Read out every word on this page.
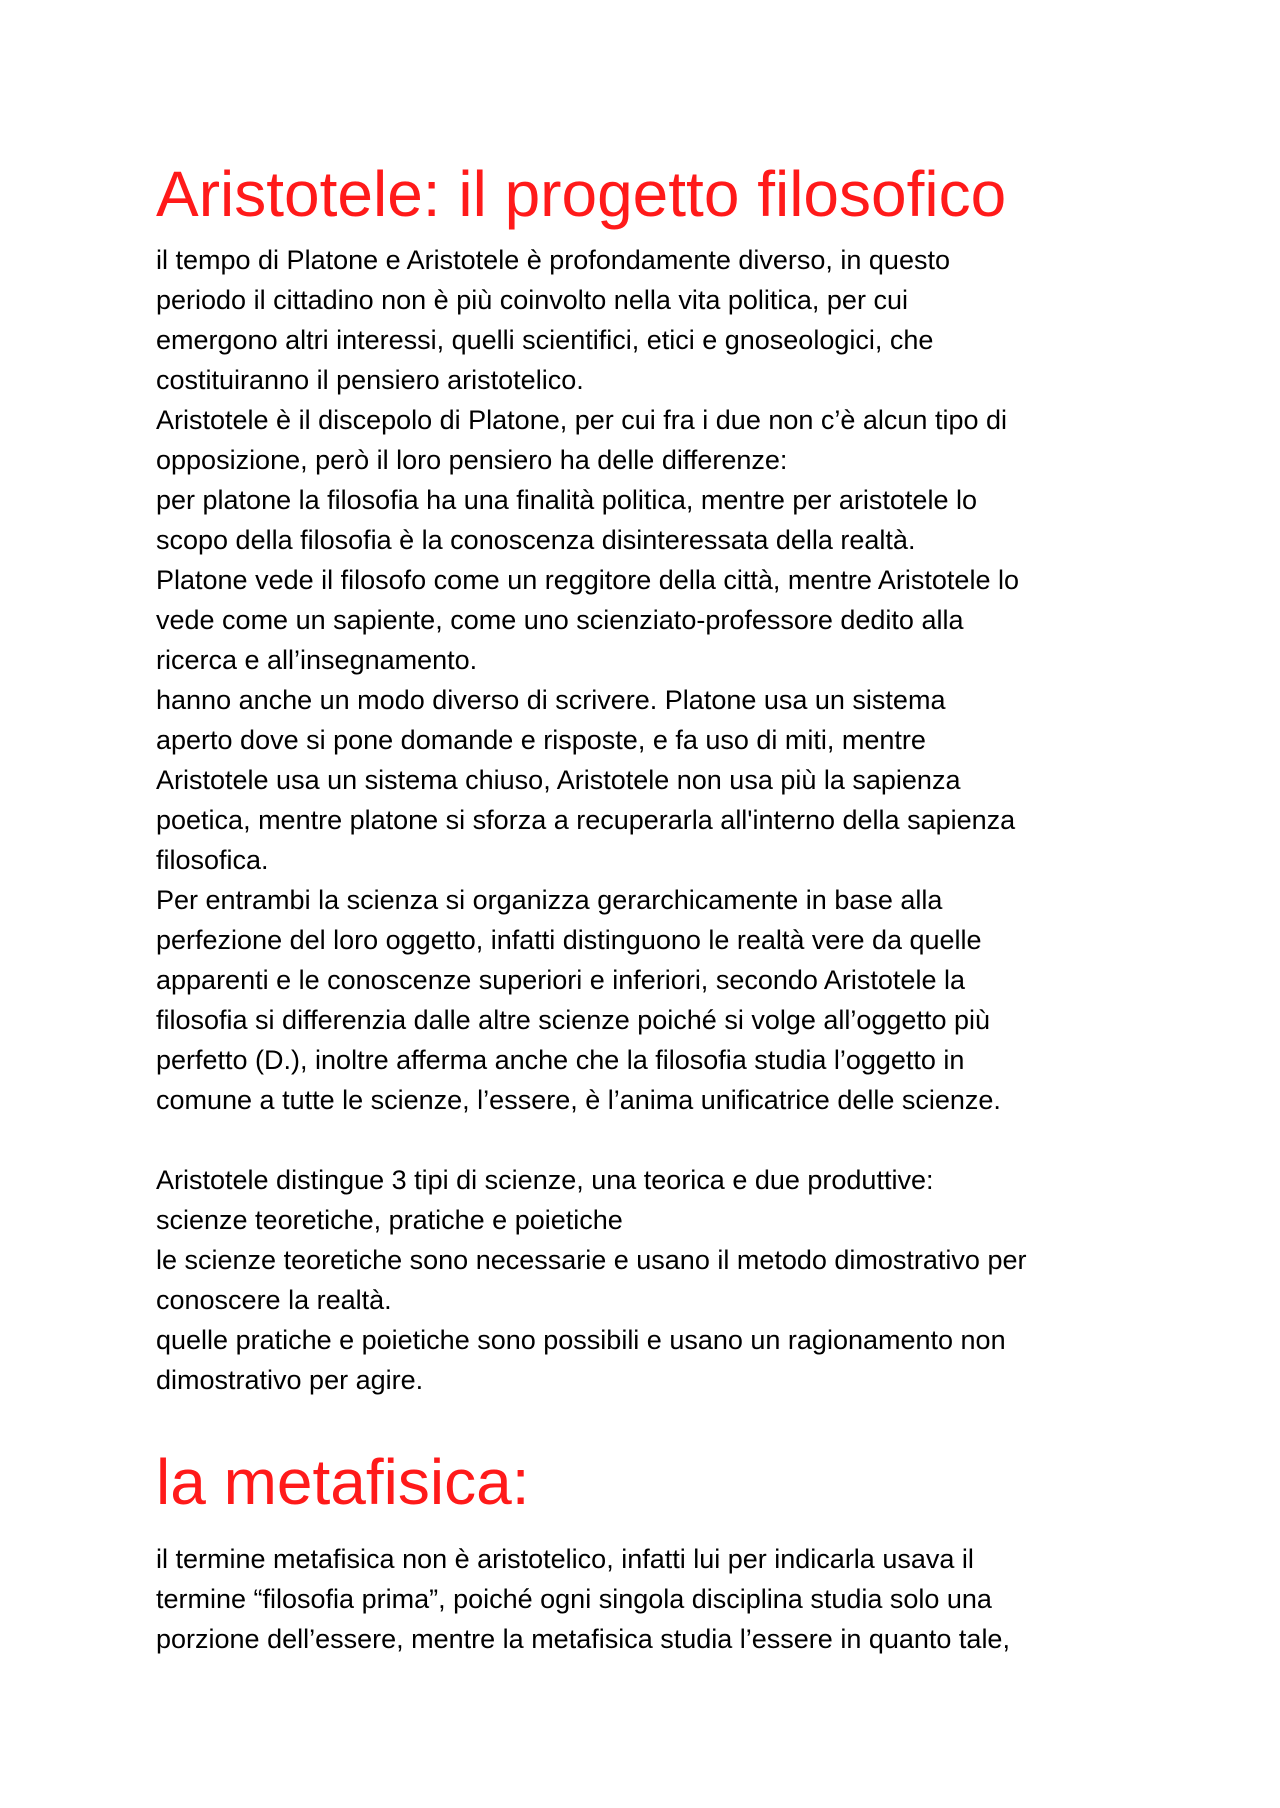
Aristotele: il progetto filosofico
il tempo di Platone e Aristotele è profondamente diverso, in questo
periodo il cittadino non è più coinvolto nella vita politica, per cui
emergono altri interessi, quelli scientifici, etici e gnoseologici, che
costituiranno il pensiero aristotelico.
Aristotele è il discepolo di Platone, per cui fra i due non c’è alcun tipo di
opposizione, però il loro pensiero ha delle differenze:
per platone la filosofia ha una finalità politica, mentre per aristotele lo
scopo della filosofia è la conoscenza disinteressata della realtà.
Platone vede il filosofo come un reggitore della città, mentre Aristotele lo
vede come un sapiente, come uno scienziato-professore dedito alla
ricerca e all’insegnamento.
hanno anche un modo diverso di scrivere. Platone usa un sistema
aperto dove si pone domande e risposte, e fa uso di miti, mentre
Aristotele usa un sistema chiuso, Aristotele non usa più la sapienza
poetica, mentre platone si sforza a recuperarla all'interno della sapienza
filosofica.
Per entrambi la scienza si organizza gerarchicamente in base alla
perfezione del loro oggetto, infatti distinguono le realtà vere da quelle
apparenti e le conoscenze superiori e inferiori, secondo Aristotele la
filosofia si differenzia dalle altre scienze poiché si volge all’oggetto più
perfetto (D.), inoltre afferma anche che la filosofia studia l’oggetto in
comune a tutte le scienze, l’essere, è l’anima unificatrice delle scienze.
Aristotele distingue 3 tipi di scienze, una teorica e due produttive:
scienze teoretiche, pratiche e poietiche
le scienze teoretiche sono necessarie e usano il metodo dimostrativo per
conoscere la realtà.
quelle pratiche e poietiche sono possibili e usano un ragionamento non
dimostrativo per agire.
la metafisica:
il termine metafisica non è aristotelico, infatti lui per indicarla usava il
termine “filosofia prima”, poiché ogni singola disciplina studia solo una
porzione dell’essere, mentre la metafisica studia l’essere in quanto tale,
